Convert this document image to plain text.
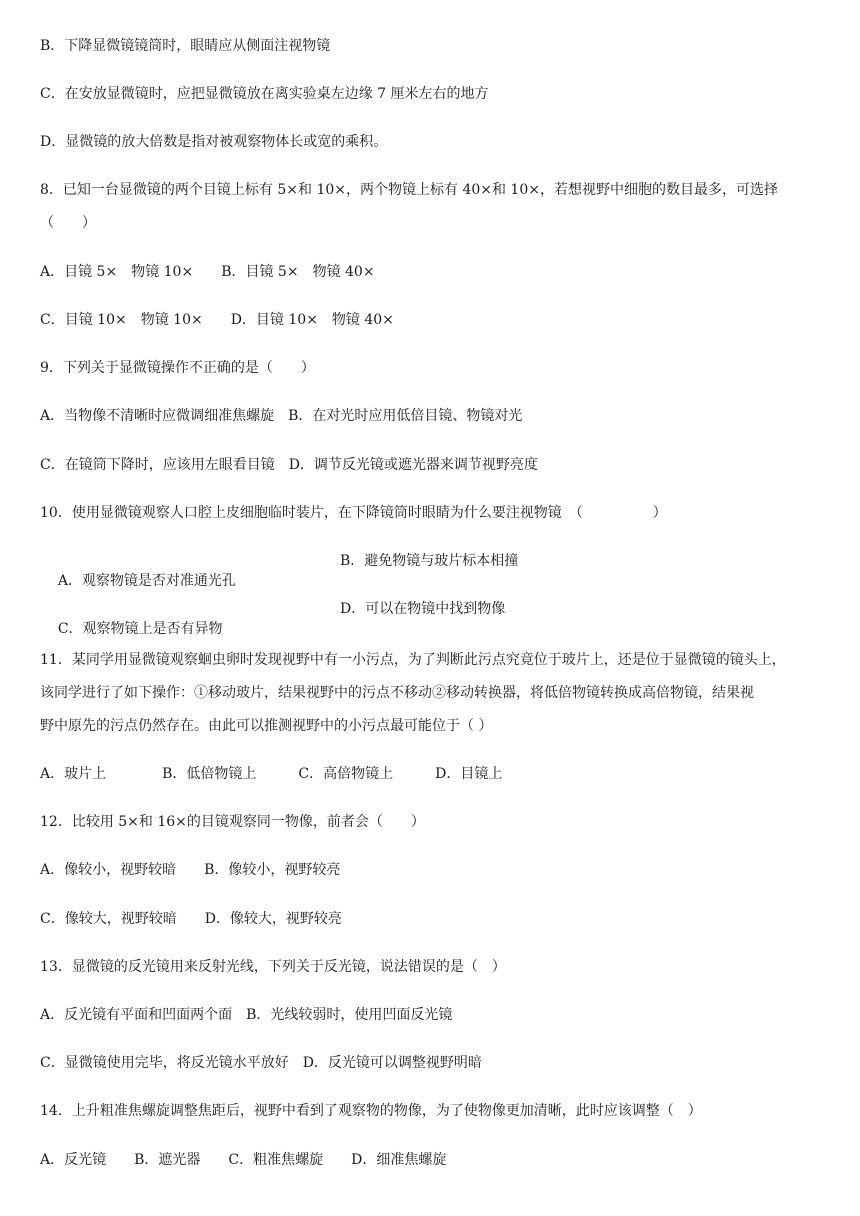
B．下降显微镜镜筒时，眼睛应从侧面注视物镜
C．在安放显微镜时，应把显微镜放在离实验桌左边缘 7 厘米左右的地方
D．显微镜的放大倍数是指对被观察物体长或宽的乘积。
8．已知一台显微镜的两个目镜上标有 5×和 10×，两个物镜上标有 40×和 10×，若想视野中细胞的数目最多，可选择
（　　）
A．目镜 5×　物镜 10×　　B．目镜 5×　物镜 40×
C．目镜 10×　物镜 10×　　D．目镜 10×　物镜 40×
9．下列关于显微镜操作不正确的是（　　）
A．当物像不清晰时应微调细准焦螺旋　B．在对光时应用低倍目镜、物镜对光
C．在镜筒下降时，应该用左眼看目镜　D．调节反光镜或遮光器来调节视野亮度
10．使用显微镜观察人口腔上皮细胞临时装片，在下降镜筒时眼睛为什么要注视物镜　（　　　　　）

A．观察物镜是否对准通光孔

B．避免物镜与玻片标本相撞

C．观察物镜上是否有异物

D．可以在物镜中找到物像

11．某同学用显微镜观察蛔虫卵时发现视野中有一小污点，为了判断此污点究竟位于玻片上，还是位于显微镜的镜头上，
该同学进行了如下操作：①移动玻片，结果视野中的污点不移动②移动转换器，将低倍物镜转换成高倍物镜，结果视
野中原先的污点仍然存在。由此可以推测视野中的小污点最可能位于（ ）
A．玻片上　　　　B．低倍物镜上　　　C．高倍物镜上　　　D．目镜上
12．比较用 5×和 16×的目镜观察同一物像，前者会（　　）
A．像较小，视野较暗　　B．像较小，视野较亮
C．像较大，视野较暗　　D．像较大，视野较亮
13．显微镜的反光镜用来反射光线，下列关于反光镜，说法错误的是（　）
A．反光镜有平面和凹面两个面　B．光线较弱时，使用凹面反光镜
C．显微镜使用完毕，将反光镜水平放好　D．反光镜可以调整视野明暗
14．上升粗准焦螺旋调整焦距后，视野中看到了观察物的物像，为了使物像更加清晰，此时应该调整（　）
A．反光镜　　B．遮光器　　C．粗准焦螺旋　　D．细准焦螺旋
